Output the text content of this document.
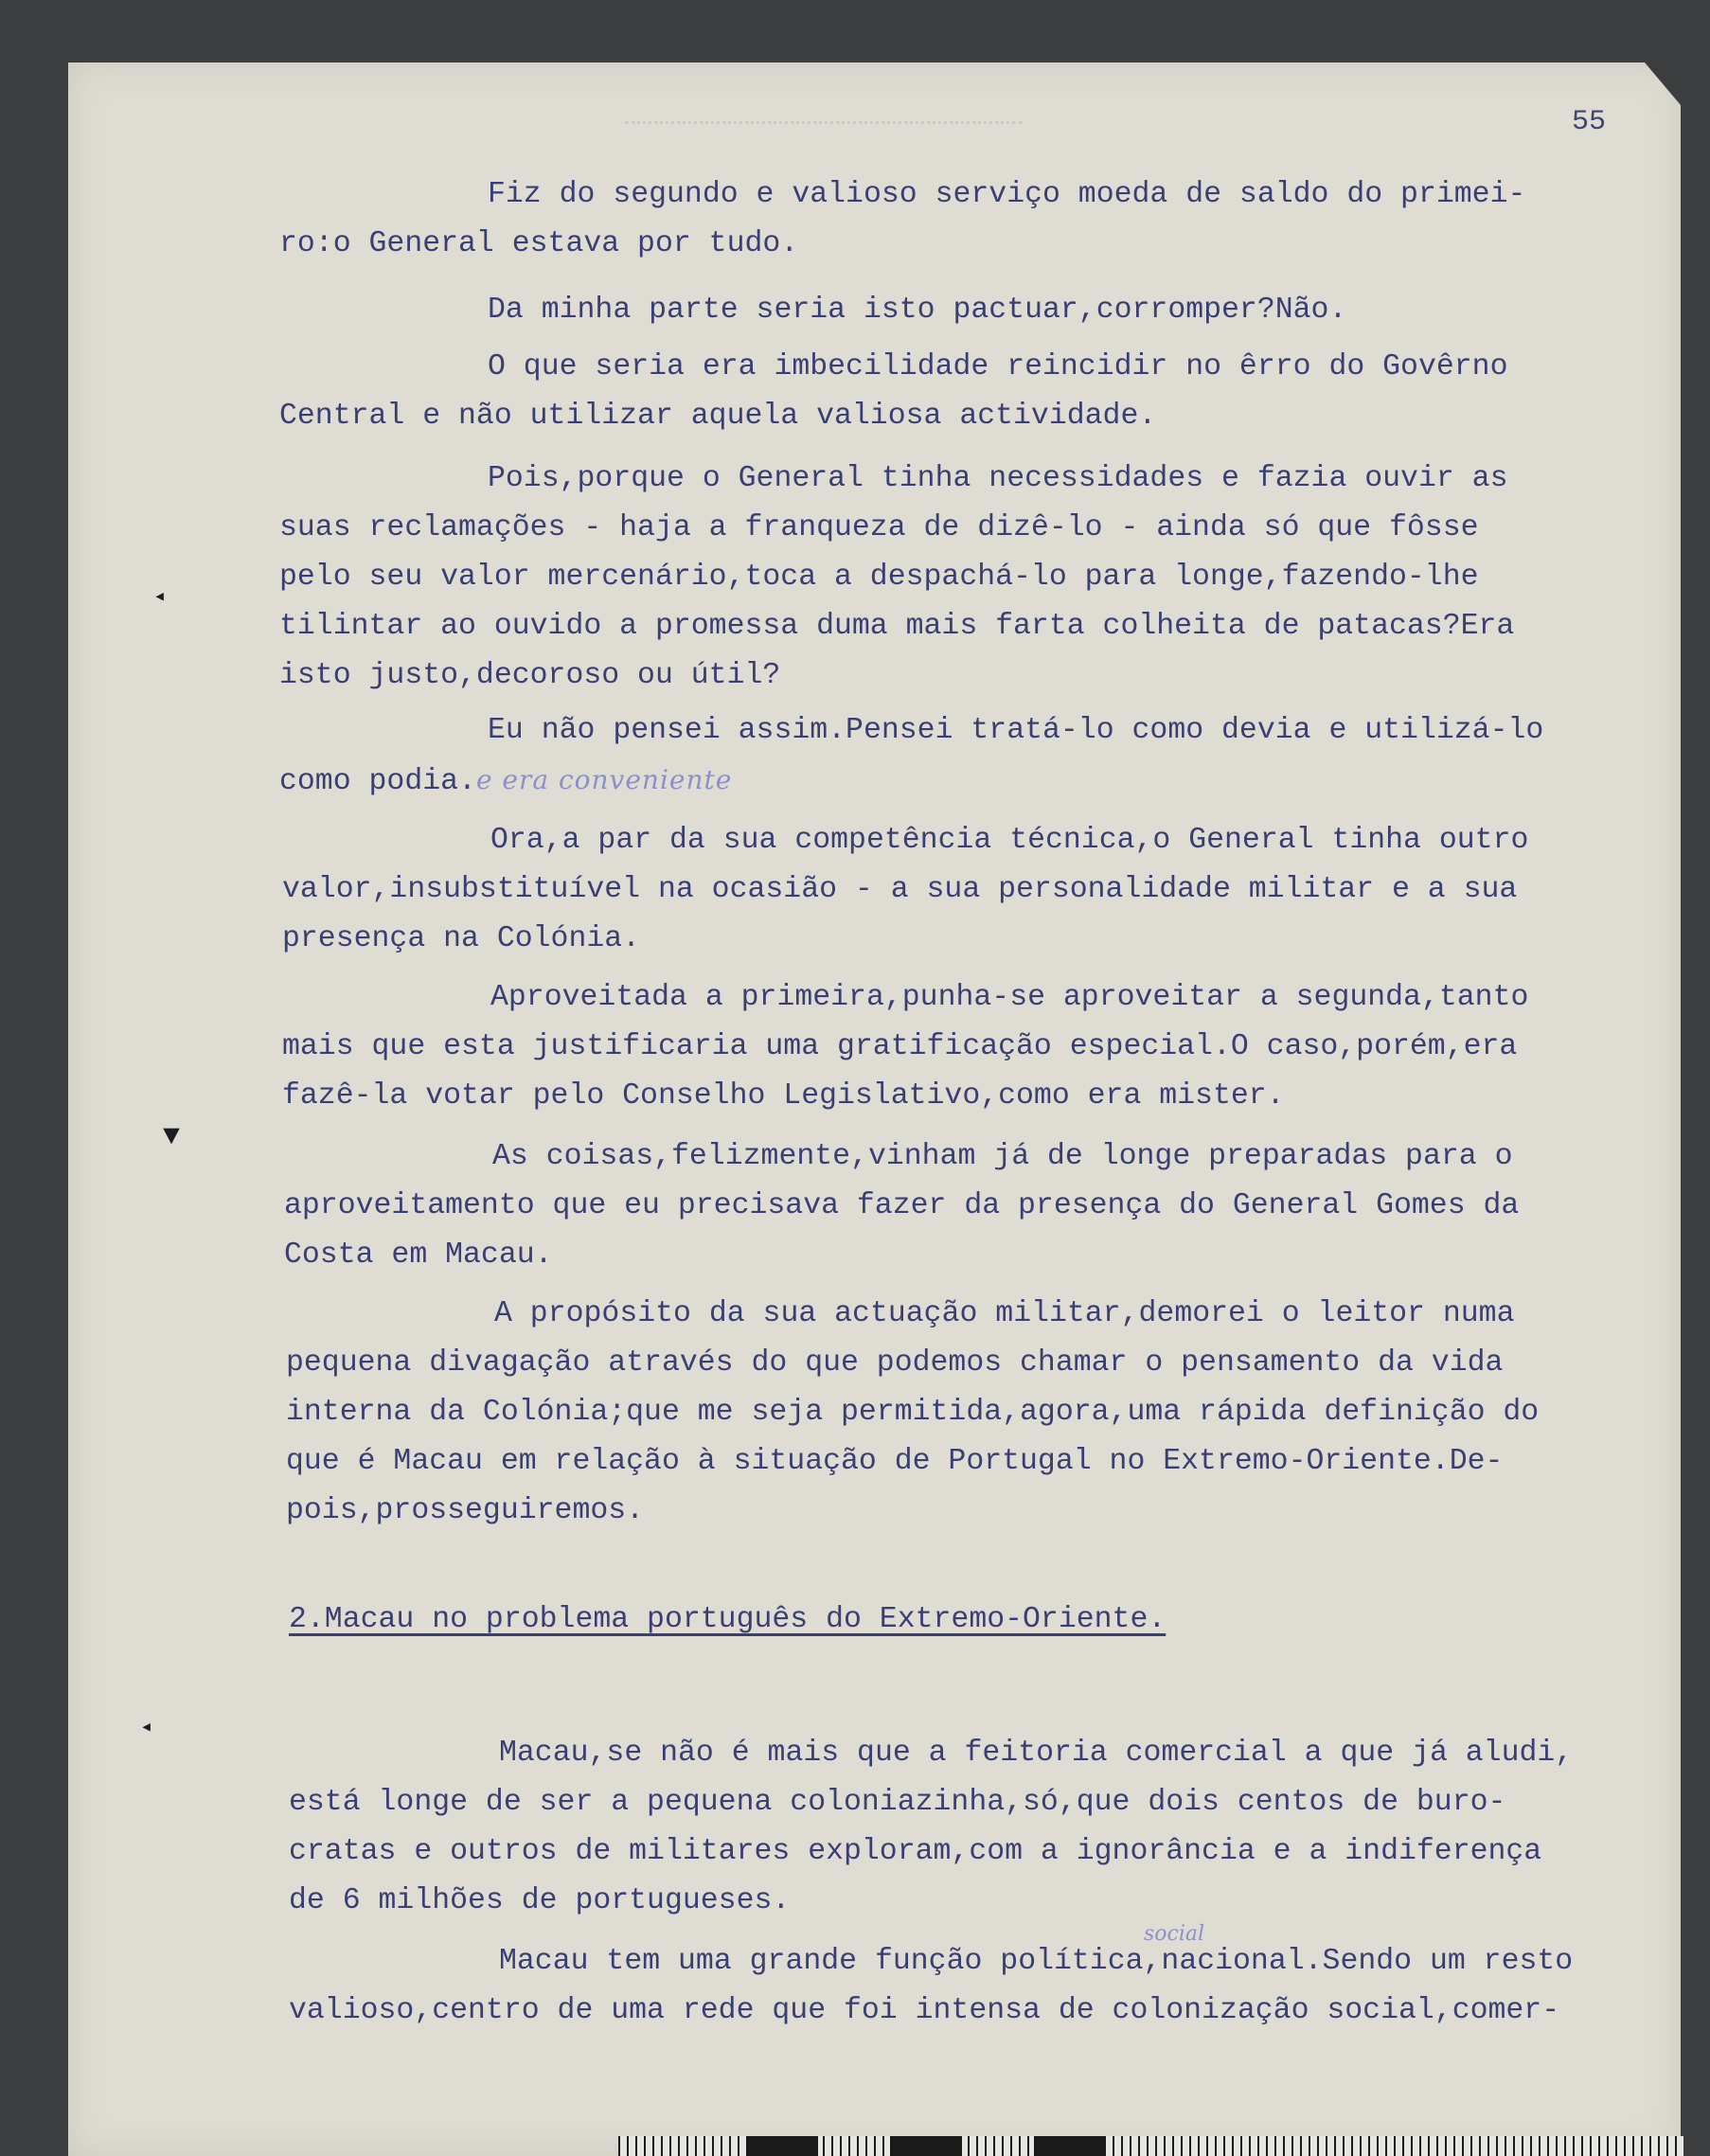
55
Fiz do segundo e valioso serviço moeda de saldo do primei-
ro:o General estava por tudo.
Da minha parte seria isto pactuar,corromper?Não.
O que seria era imbecilidade reincidir no êrro do Govêrno
Central e não utilizar aquela valiosa actividade.
Pois,porque o General tinha necessidades e fazia ouvir as
suas reclamações - haja a franqueza de dizê-lo - ainda só que fôsse
pelo seu valor mercenário,toca a despachá-lo para longe,fazendo-lhe
tilintar ao ouvido a promessa duma mais farta colheita de patacas?Era
isto justo,decoroso ou útil?
Eu não pensei assim.Pensei tratá-lo como devia e utilizá-lo
como podia.e era conveniente
Ora,a par da sua competência técnica,o General tinha outro
valor,insubstituível na ocasião - a sua personalidade militar e a sua
presença na Colónia.
Aproveitada a primeira,punha-se aproveitar a segunda,tanto
mais que esta justificaria uma gratificação especial.O caso,porém,era
fazê-la votar pelo Conselho Legislativo,como era mister.
As coisas,felizmente,vinham já de longe preparadas para o
aproveitamento que eu precisava fazer da presença do General Gomes da
Costa em Macau.
A propósito da sua actuação militar,demorei o leitor numa
pequena divagação através do que podemos chamar o pensamento da vida
interna da Colónia;que me seja permitida,agora,uma rápida definição do
que é Macau em relação à situação de Portugal no Extremo-Oriente.De-
pois,prosseguiremos.
2.Macau no problema português do Extremo-Oriente.
Macau,se não é mais que a feitoria comercial a que já aludi,
está longe de ser a pequena coloniazinha,só,que dois centos de buro-
cratas e outros de militares exploram,com a ignorância e a indiferença
de 6 milhões de portugueses.
social
Macau tem uma grande função política,nacional.Sendo um resto
valioso,centro de uma rede que foi intensa de colonização social,comer-
◂
▼
◂
